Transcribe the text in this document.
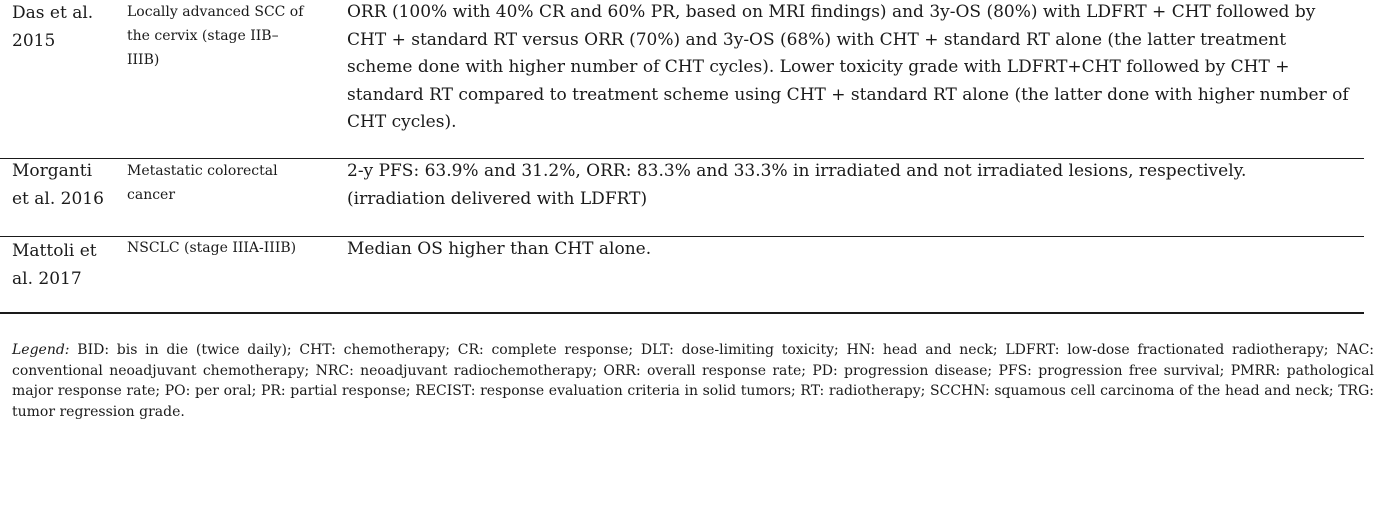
Das et al.
2015
Locally advanced SCC of
the cervix (stage IIB–
IIIB)
ORR (100% with 40% CR and 60% PR, based on MRI findings) and 3y-OS (80%) with LDFRT + CHT followed by
CHT + standard RT versus ORR (70%) and 3y-OS (68%) with CHT + standard RT alone (the latter treatment
scheme done with higher number of CHT cycles). Lower toxicity grade with LDFRT+CHT followed by CHT +
standard RT compared to treatment scheme using CHT + standard RT alone (the latter done with higher number of
CHT cycles).
Morganti
et al. 2016
Metastatic colorectal
cancer
2-y PFS: 63.9% and 31.2%, ORR: 83.3% and 33.3% in irradiated and not irradiated lesions, respectively.
(irradiation delivered with LDFRT)
Mattoli et
al. 2017
NSCLC (stage IIIA-IIIB)	Median OS higher than CHT alone.
Legend: BID: bis in die (twice daily); CHT: chemotherapy; CR: complete response; DLT: dose-limiting toxicity; HN: head and neck; LDFRT: low-dose fractionated radiotherapy; NAC: conventional neoadjuvant chemotherapy; NRC: neoadjuvant radiochemotherapy; ORR: overall response rate; PD: progression disease; PFS: progression free survival; PMRR: pathological major response rate; PO: per oral; PR: partial response; RECIST: response evaluation criteria in solid tumors; RT: radiotherapy; SCCHN: squamous cell carcinoma of the head and neck; TRG: tumor regression grade.
